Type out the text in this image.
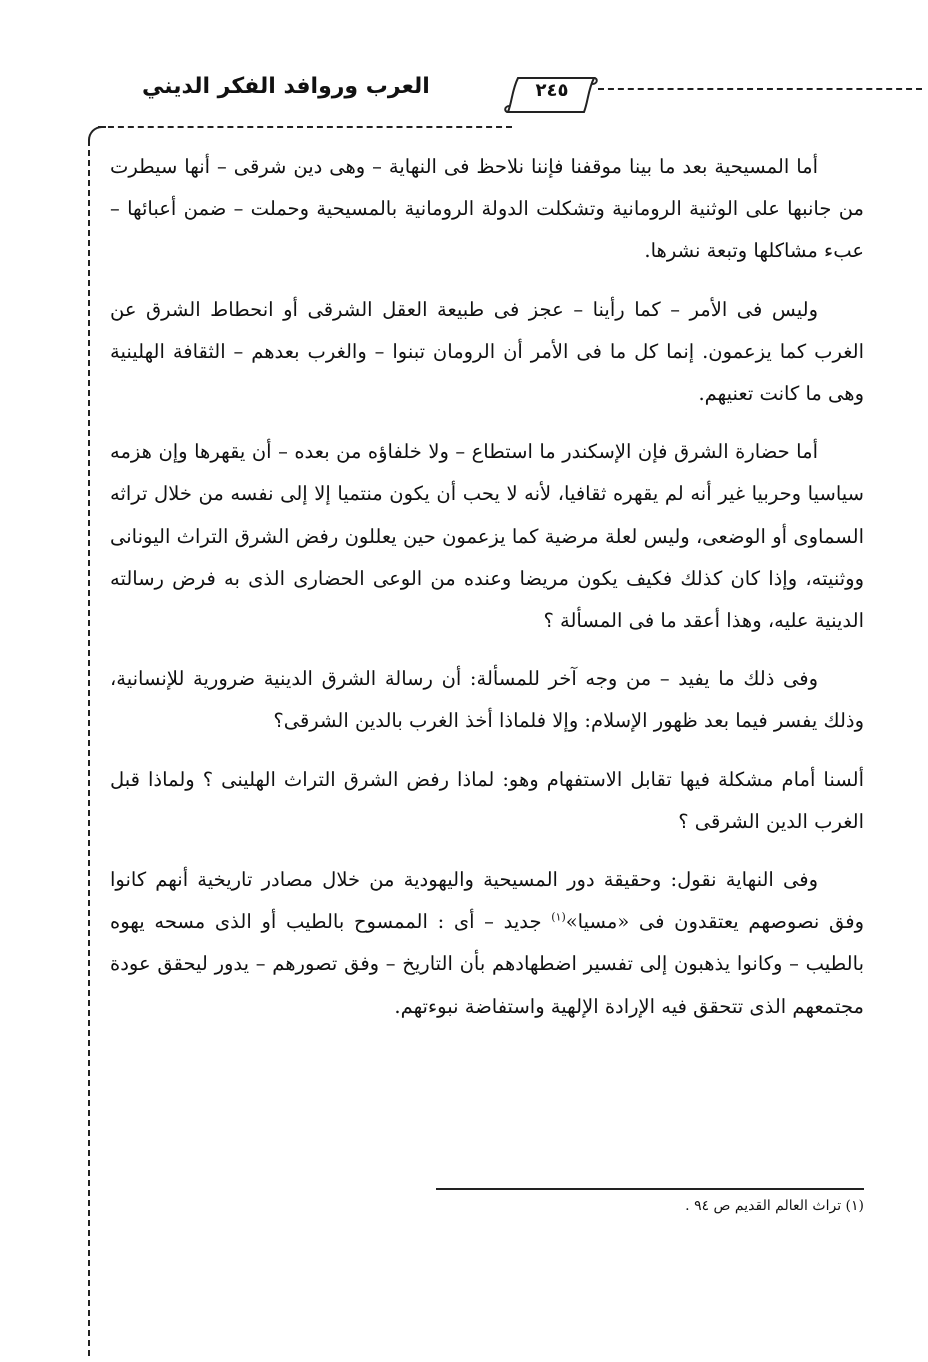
العرب وروافد الفكر الديني	٢٤٥

أما المسيحية بعد ما بينا موقفنا فإننا نلاحظ فى النهاية – وهى دين شرقى – أنها سيطرت من جانبها على الوثنية الرومانية وتشكلت الدولة الرومانية بالمسيحية وحملت – ضمن أعبائها – عبء مشاكلها وتبعة نشرها.

وليس فى الأمر – كما رأينا – عجز فى طبيعة العقل الشرقى أو انحطاط الشرق عن الغرب كما يزعمون. إنما كل ما فى الأمر أن الرومان تبنوا – والغرب بعدهم – الثقافة الهلينية وهى ما كانت تعنيهم.

أما حضارة الشرق فإن الإسكندر ما استطاع – ولا خلفاؤه من بعده – أن يقهرها وإن هزمه سياسيا وحربيا غير أنه لم يقهره ثقافيا، لأنه لا يحب أن يكون منتميا إلا إلى نفسه من خلال تراثه السماوى أو الوضعى، وليس لعلة مرضية كما يزعمون حين يعللون رفض الشرق التراث اليونانى ووثنيته، وإذا كان كذلك فكيف يكون مريضا وعنده من الوعى الحضارى الذى به فرض رسالته الدينية عليه، وهذا أعقد ما فى المسألة ؟

وفى ذلك ما يفيد – من وجه آخر للمسألة: أن رسالة الشرق الدينية ضرورية للإنسانية، وذلك يفسر فيما بعد ظهور الإسلام: وإلا فلماذا أخذ الغرب بالدين الشرقى؟

ألسنا أمام مشكلة فيها تقابل الاستفهام وهو: لماذا رفض الشرق التراث الهلينى ؟ ولماذا قبل الغرب الدين الشرقى ؟

وفى النهاية نقول: وحقيقة دور المسيحية واليهودية من خلال مصادر تاريخية أنهم كانوا وفق نصوصهم يعتقدون فى «مسيا»$^{(١)}$ جديد – أى : الممسوح بالطيب أو الذى مسحه يهوه بالطيب – وكانوا يذهبون إلى تفسير اضطهادهم بأن التاريخ – وفق تصورهم – يدور ليحقق عودة مجتمعهم الذى تتحقق فيه الإرادة الإلهية واستفاضة نبوءتهم.

(١) تراث العالم القديم ص ٩٤ .
